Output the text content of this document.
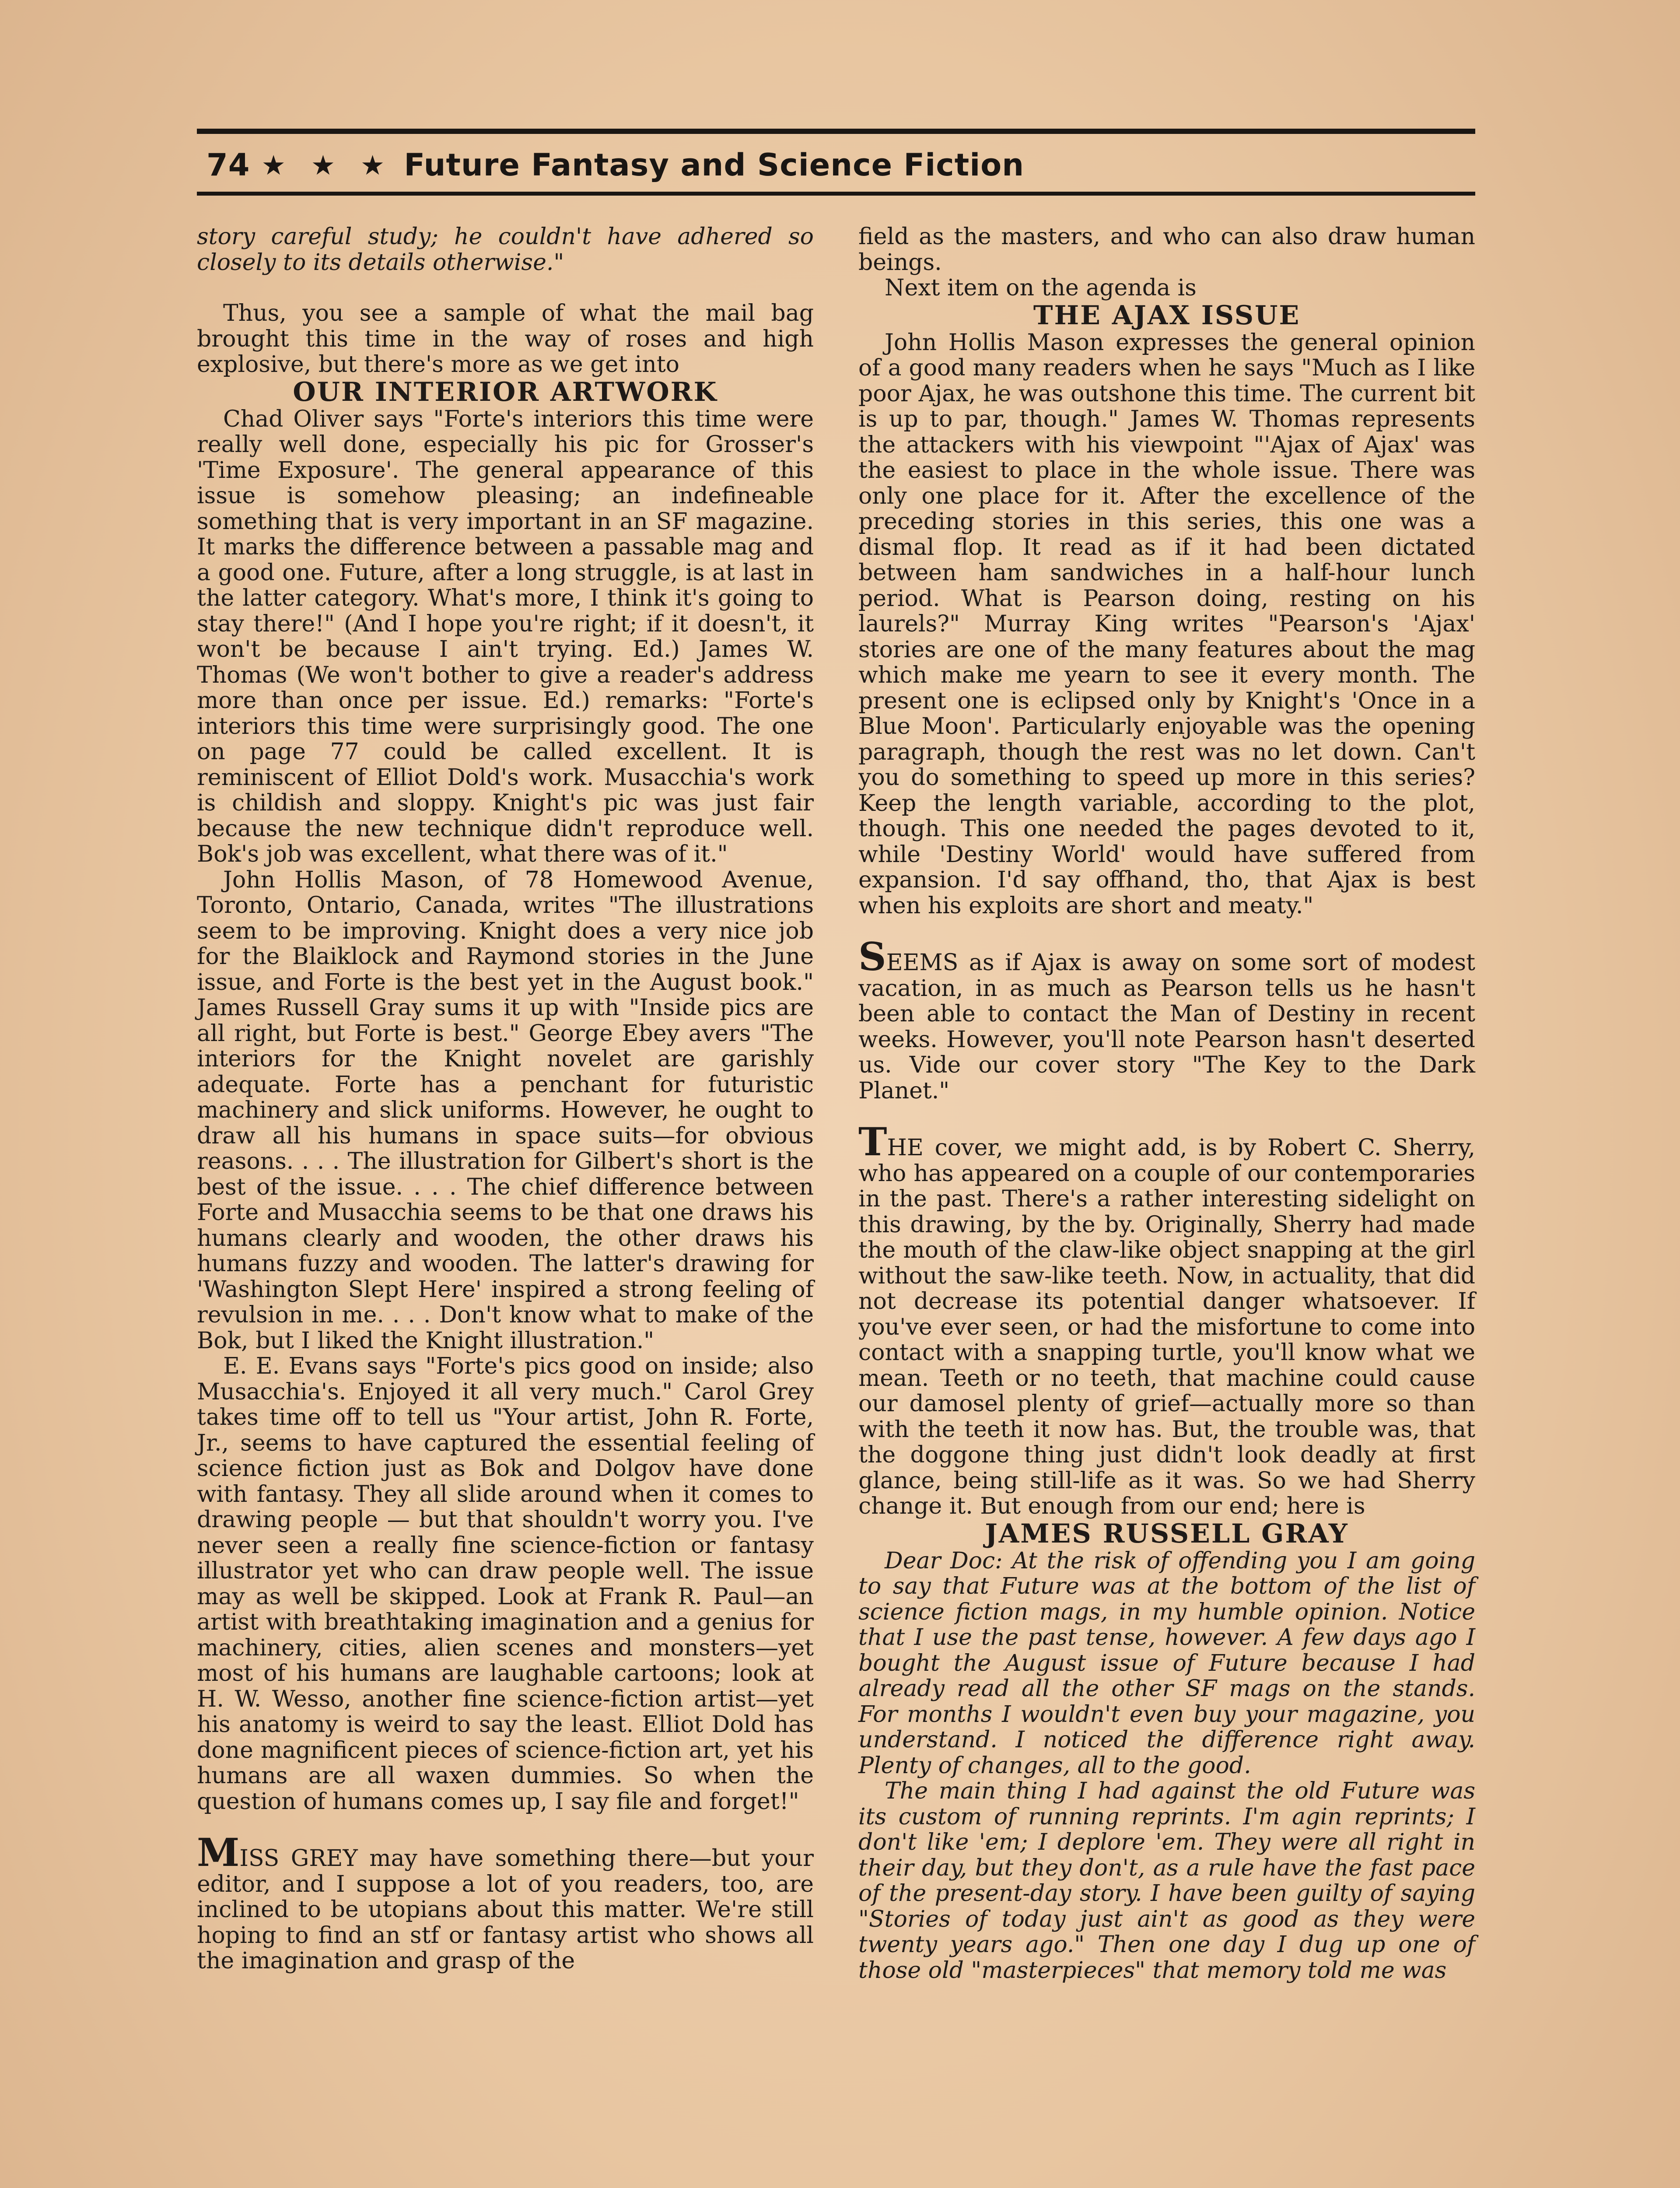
74 ★ ★ ★ Future Fantasy and Science Fiction

story careful study; he couldn't have adhered so closely to its details otherwise."

Thus, you see a sample of what the mail bag brought this time in the way of roses and high explosive, but there's more as we get into

OUR INTERIOR ARTWORK

Chad Oliver says "Forte's interiors this time were really well done, especially his pic for Grosser's 'Time Exposure'. The general appearance of this issue is somehow pleasing; an indefineable something that is very important in an SF magazine. It marks the difference between a passable mag and a good one. Future, after a long struggle, is at last in the latter category. What's more, I think it's going to stay there!" (And I hope you're right; if it doesn't, it won't be because I ain't trying. Ed.) James W. Thomas (We won't bother to give a reader's address more than once per issue. Ed.) remarks: "Forte's interiors this time were surprisingly good. The one on page 77 could be called excellent. It is reminiscent of Elliot Dold's work. Musacchia's work is childish and sloppy. Knight's pic was just fair because the new technique didn't reproduce well. Bok's job was excellent, what there was of it."

John Hollis Mason, of 78 Homewood Avenue, Toronto, Ontario, Canada, writes "The illustrations seem to be improving. Knight does a very nice job for the Blaiklock and Raymond stories in the June issue, and Forte is the best yet in the August book." James Russell Gray sums it up with "Inside pics are all right, but Forte is best." George Ebey avers "The interiors for the Knight novelet are garishly adequate. Forte has a penchant for futuristic machinery and slick uniforms. However, he ought to draw all his humans in space suits—for obvious reasons. . . . The illustration for Gilbert's short is the best of the issue. . . . The chief difference between Forte and Musacchia seems to be that one draws his humans clearly and wooden, the other draws his humans fuzzy and wooden. The latter's drawing for 'Washington Slept Here' inspired a strong feeling of revulsion in me. . . . Don't know what to make of the Bok, but I liked the Knight illustration."

E. E. Evans says "Forte's pics good on inside; also Musacchia's. Enjoyed it all very much." Carol Grey takes time off to tell us "Your artist, John R. Forte, Jr., seems to have captured the essential feeling of science fiction just as Bok and Dolgov have done with fantasy. They all slide around when it comes to drawing people — but that shouldn't worry you. I've never seen a really fine science-fiction or fantasy illustrator yet who can draw people well. The issue may as well be skipped. Look at Frank R. Paul—an artist with breathtaking imagination and a genius for machinery, cities, alien scenes and monsters—yet most of his humans are laughable cartoons; look at H. W. Wesso, another fine science-fiction artist—yet his anatomy is weird to say the least. Elliot Dold has done magnificent pieces of science-fiction art, yet his humans are all waxen dummies. So when the question of humans comes up, I say file and forget!"

MISS GREY may have something there—but your editor, and I suppose a lot of you readers, too, are inclined to be utopians about this matter. We're still hoping to find an stf or fantasy artist who shows all the imagination and grasp of the

field as the masters, and who can also draw human beings.

Next item on the agenda is

THE AJAX ISSUE

John Hollis Mason expresses the general opinion of a good many readers when he says "Much as I like poor Ajax, he was outshone this time. The current bit is up to par, though." James W. Thomas represents the attackers with his viewpoint "'Ajax of Ajax' was the easiest to place in the whole issue. There was only one place for it. After the excellence of the preceding stories in this series, this one was a dismal flop. It read as if it had been dictated between ham sandwiches in a half-hour lunch period. What is Pearson doing, resting on his laurels?" Murray King writes "Pearson's 'Ajax' stories are one of the many features about the mag which make me yearn to see it every month. The present one is eclipsed only by Knight's 'Once in a Blue Moon'. Particularly enjoyable was the opening paragraph, though the rest was no let down. Can't you do something to speed up more in this series? Keep the length variable, according to the plot, though. This one needed the pages devoted to it, while 'Destiny World' would have suffered from expansion. I'd say offhand, tho, that Ajax is best when his exploits are short and meaty."

SEEMS as if Ajax is away on some sort of modest vacation, in as much as Pearson tells us he hasn't been able to contact the Man of Destiny in recent weeks. However, you'll note Pearson hasn't deserted us. Vide our cover story "The Key to the Dark Planet."

THE cover, we might add, is by Robert C. Sherry, who has appeared on a couple of our contemporaries in the past. There's a rather interesting sidelight on this drawing, by the by. Originally, Sherry had made the mouth of the claw-like object snapping at the girl without the saw-like teeth. Now, in actuality, that did not decrease its potential danger whatsoever. If you've ever seen, or had the misfortune to come into contact with a snapping turtle, you'll know what we mean. Teeth or no teeth, that machine could cause our damosel plenty of grief—actually more so than with the teeth it now has. But, the trouble was, that the doggone thing just didn't look deadly at first glance, being still-life as it was. So we had Sherry change it. But enough from our end; here is

JAMES RUSSELL GRAY

Dear Doc: At the risk of offending you I am going to say that Future was at the bottom of the list of science fiction mags, in my humble opinion. Notice that I use the past tense, however. A few days ago I bought the August issue of Future because I had already read all the other SF mags on the stands. For months I wouldn't even buy your magazine, you understand. I noticed the difference right away. Plenty of changes, all to the good.

The main thing I had against the old Future was its custom of running reprints. I'm agin reprints; I don't like 'em; I deplore 'em. They were all right in their day, but they don't, as a rule have the fast pace of the present-day story. I have been guilty of saying "Stories of today just ain't as good as they were twenty years ago." Then one day I dug up one of those old "masterpieces" that memory told me was
